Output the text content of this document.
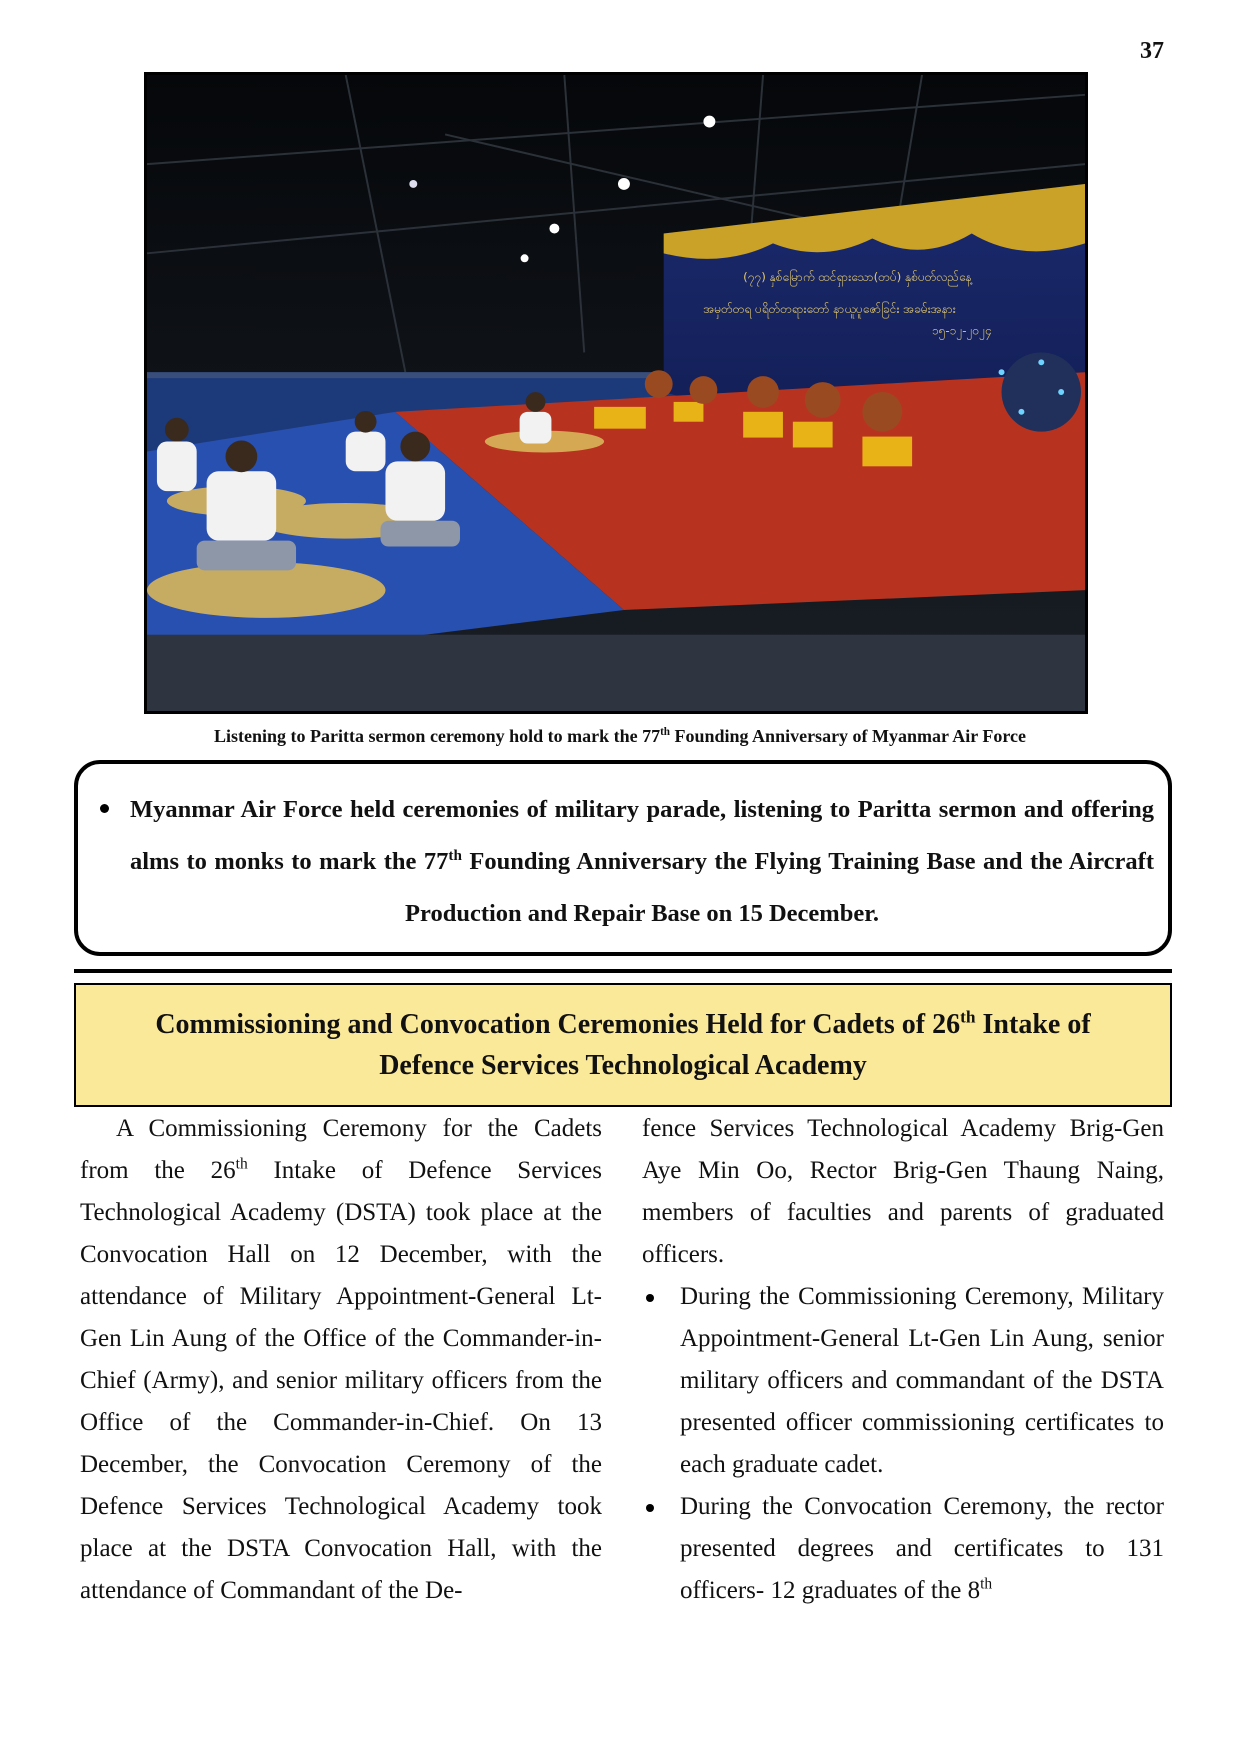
37
(၇၇) နှစ်မြောက် ထင်ရှားသော(တပ်) နှစ်ပတ်လည်နေ့
အမှတ်တရ ပရိတ်တရားတော် နာယူပူဇော်ခြင်း အခမ်းအနား
၁၅-၁၂-၂၀၂၄
Listening to Paritta sermon ceremony hold to mark the 77th Founding Anniversary of Myanmar Air Force
Myanmar Air Force held ceremonies of military parade, listening to Paritta sermon and offering alms to monks to mark the 77th Founding Anniversary the Flying Training Base and the Aircraft Production and Repair Base on 15 December.
Commissioning and Convocation Ceremonies Held for Cadets of 26th Intake of
Defence Services Technological Academy

A Commissioning Ceremony for the Cadets from the 26th Intake of Defence Services Technological Academy (DSTA) took place at the Convocation Hall on 12 December, with the attendance of Military Appointment-General Lt-Gen Lin Aung of the Office of the Commander-in-Chief (Army), and senior military officers from the Office of the Commander-in-Chief. On 13 December, the Convocation Ceremony of the Defence Services Technological Academy took place at the DSTA Convocation Hall, with the attendance of Commandant of the De-

fence Services Technological Academy Brig-Gen Aye Min Oo, Rector Brig-Gen Thaung Naing, members of faculties and parents of graduated officers.

During the Commissioning Ceremony, Military Appointment-General Lt-Gen Lin Aung, senior military officers and commandant of the DSTA presented officer commissioning certificates to each graduate cadet.

During the Convocation Ceremony, the rector presented degrees and certificates to 131 officers- 12 graduates of the 8th
